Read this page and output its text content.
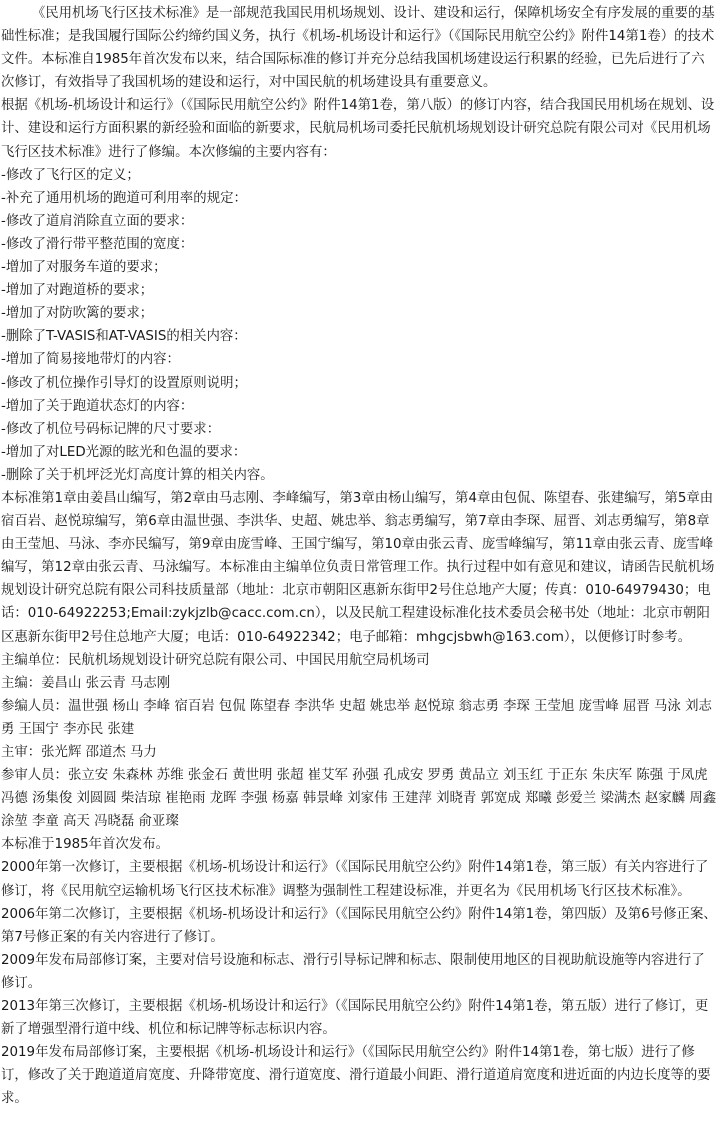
《民用机场飞行区技术标准》是一部规范我国民用机场规划、设计、建设和运行，保障机场安全有序发展的重要的基础性标准；是我国履行国际公约缔约国义务，执行《机场-机场设计和运行》（《国际民用航空公约》附件14第1卷）的技术文件。本标准自1985年首次发布以来，结合国际标准的修订并充分总结我国机场建设运行积累的经验，已先后进行了六次修订，有效指导了我国机场的建设和运行，对中国民航的机场建设具有重要意义。

根据《机场-机场设计和运行》（《国际民用航空公约》附件14第1卷，第八版）的修订内容，结合我国民用机场在规划、设计、建设和运行方面积累的新经验和面临的新要求，民航局机场司委托民航机场规划设计研究总院有限公司对《民用机场飞行区技术标准》进行了修编。本次修编的主要内容有：

-修改了飞行区的定义；

-补充了通用机场的跑道可利用率的规定：

-修改了道肩消除直立面的要求：

-修改了滑行带平整范围的宽度：

-增加了对服务车道的要求；

-增加了对跑道桥的要求；

-增加了对防吹篱的要求；

-删除了T-VASIS和AT-VASIS的相关内容：

-增加了简易接地带灯的内容：

-修改了机位操作引导灯的设置原则说明；

-增加了关于跑道状态灯的内容：

-修改了机位号码标记牌的尺寸要求：

-增加了对LED光源的眩光和色温的要求：

-删除了关于机坪泛光灯高度计算的相关内容。

本标准第1章由姜昌山编写，第2章由马志刚、李峰编写，第3章由杨山编写，第4章由包侃、陈望春、张建编写，第5章由宿百岩、赵悦琼编写，第6章由温世强、李洪华、史超、姚忠举、翁志勇编写，第7章由李琛、屈晋、刘志勇编写，第8章由王莹旭、马泳、李亦民编写，第9章由庞雪峰、王国宁编写，第10章由张云青、庞雪峰编写，第11章由张云青、庞雪峰编写，第12章由张云青、马泳编写。本标准由主编单位负责日常管理工作。执行过程中如有意见和建议，请函告民航机场规划设计研究总院有限公司科技质量部（地址：北京市朝阳区惠新东街甲2号住总地产大厦；传真：010-64979430；电话：010-64922253;Email:zykjzlb@cacc.com.cn），以及民航工程建设标准化技术委员会秘书处（地址：北京市朝阳区惠新东街甲2号住总地产大厦；电话：010-64922342；电子邮箱：mhgcjsbwh@163.com），以便修订时参考。

主编单位：民航机场规划设计研究总院有限公司、中国民用航空局机场司

主编：姜昌山 张云青 马志刚

参编人员：温世强 杨山 李峰 宿百岩 包侃 陈望春 李洪华 史超 姚忠举 赵悦琼 翁志勇 李琛 王莹旭 庞雪峰 屈晋 马泳 刘志勇 王国宁 李亦民 张建

主审：张光辉 邵道杰 马力

参审人员：张立安 朱森林 苏维 张金石 黄世明 张超 崔艾军 孙强 孔成安 罗勇 黄品立 刘玉红 于正东 朱庆军 陈强 于凤虎 冯德 汤集俊 刘圆圆 柴洁琼 崔艳雨 龙晖 李强 杨嘉 韩景峰 刘家伟 王建萍 刘晓青 郭宽成 郑曦 彭爱兰 梁满杰 赵家麟 周鑫 涂堃 李童 高天 冯晓磊 俞亚璨

本标准于1985年首次发布。

2000年第一次修订，主要根据《机场-机场设计和运行》（《国际民用航空公约》附件14第1卷，第三版）有关内容进行了修订，将《民用航空运输机场飞行区技术标准》调整为强制性工程建设标准，并更名为《民用机场飞行区技术标准》。

2006年第二次修订，主要根据《机场-机场设计和运行》（《国际民用航空公约》附件14第1卷，第四版）及第6号修正案、第7号修正案的有关内容进行了修订。

2009年发布局部修订案，主要对信号设施和标志、滑行引导标记牌和标志、限制使用地区的目视助航设施等内容进行了修订。

2013年第三次修订，主要根据《机场-机场设计和运行》（《国际民用航空公约》附件14第1卷，第五版）进行了修订，更新了增强型滑行道中线、机位和标记牌等标志标识内容。

2019年发布局部修订案，主要根据《机场-机场设计和运行》（《国际民用航空公约》附件14第1卷，第七版）进行了修订，修改了关于跑道道肩宽度、升降带宽度、滑行道宽度、滑行道最小间距、滑行道道肩宽度和进近面的内边长度等的要求。
